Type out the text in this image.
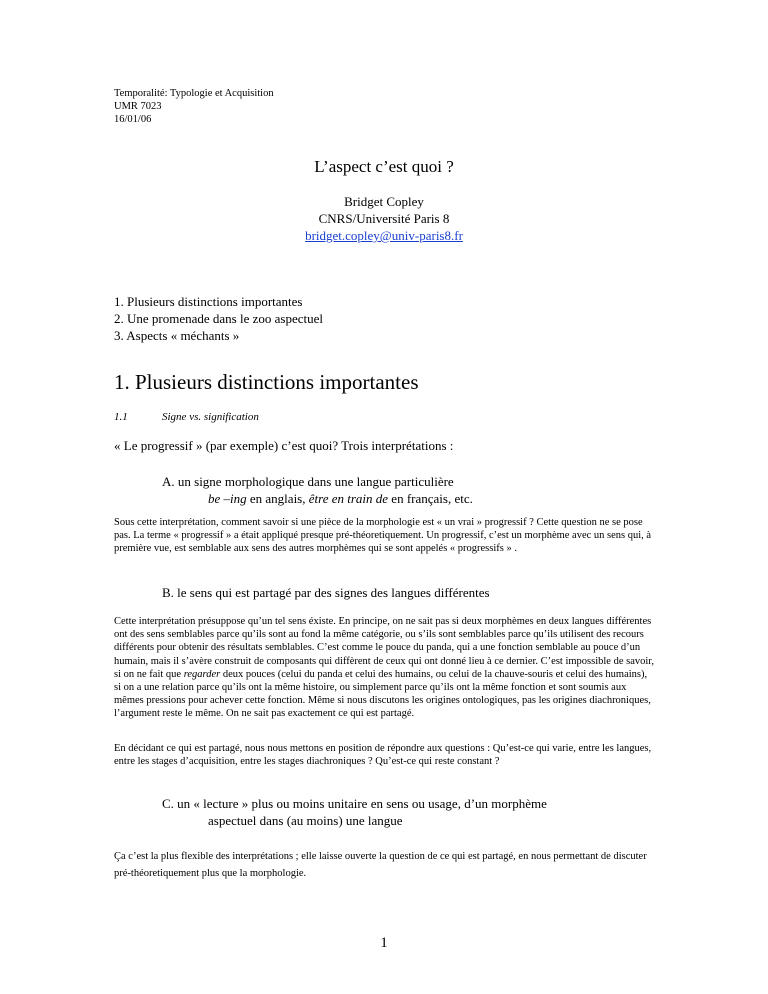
Temporalité: Typologie et Acquisition
UMR 7023
16/01/06
L’aspect c’est quoi ?
Bridget Copley
CNRS/Université Paris 8
bridget.copley@univ-paris8.fr
1. Plusieurs distinctions importantes
2. Une promenade dans le zoo aspectuel
3. Aspects « méchants »
1. Plusieurs distinctions importantes
1.1	Signe vs. signification
« Le progressif » (par exemple) c’est quoi? Trois interprétations :
A. un signe morphologique dans une langue particulière
be –ing en anglais, être en train de en français, etc.
Sous cette interprétation, comment savoir si une pièce de la morphologie est « un vrai » progressif ? Cette question ne se pose pas. La terme « progressif » a était appliqué presque pré-théoretiquement. Un progressif, c’est un morphème avec un sens qui, à première vue, est semblable aux sens des autres morphèmes qui se sont appelés « progressifs » .
B. le sens qui est partagé par des signes des langues différentes
Cette interprétation présuppose qu’un tel sens éxiste. En principe, on ne sait pas si deux morphèmes en deux langues différentes ont des sens semblables parce qu’ils sont au fond la même catégorie, ou s’ils sont semblables parce qu’ils utilisent des recours différents pour obtenir des résultats semblables. C’est comme le pouce du panda, qui a une fonction semblable au pouce d’un humain, mais il s’avère construit de composants qui diffèrent de ceux qui ont donné lieu à ce dernier. C’est impossible de savoir, si on ne fait que regarder deux pouces (celui du panda et celui des humains, ou celui de la chauve-souris et celui des humains), si on a une relation parce qu’ils ont la même histoire, ou simplement parce qu’ils ont la même fonction et sont soumis aux mêmes pressions pour achever cette fonction. Même si nous discutons les origines ontologiques, pas les origines diachroniques, l’argument reste le même. On ne sait pas exactement ce qui est partagé.
En décidant ce qui est partagé, nous nous mettons en position de répondre aux questions : Qu’est-ce qui varie, entre les langues, entre les stages d’acquisition, entre les stages diachroniques ? Qu’est-ce qui reste constant ?
C. un « lecture » plus ou moins unitaire en sens ou usage, d’un morphème
aspectuel dans (au moins) une langue
Ça c’est la plus flexible des interprétations ; elle laisse ouverte la question de ce qui est partagé, en nous permettant de discuter pré-théoretiquement plus que la morphologie.
1
